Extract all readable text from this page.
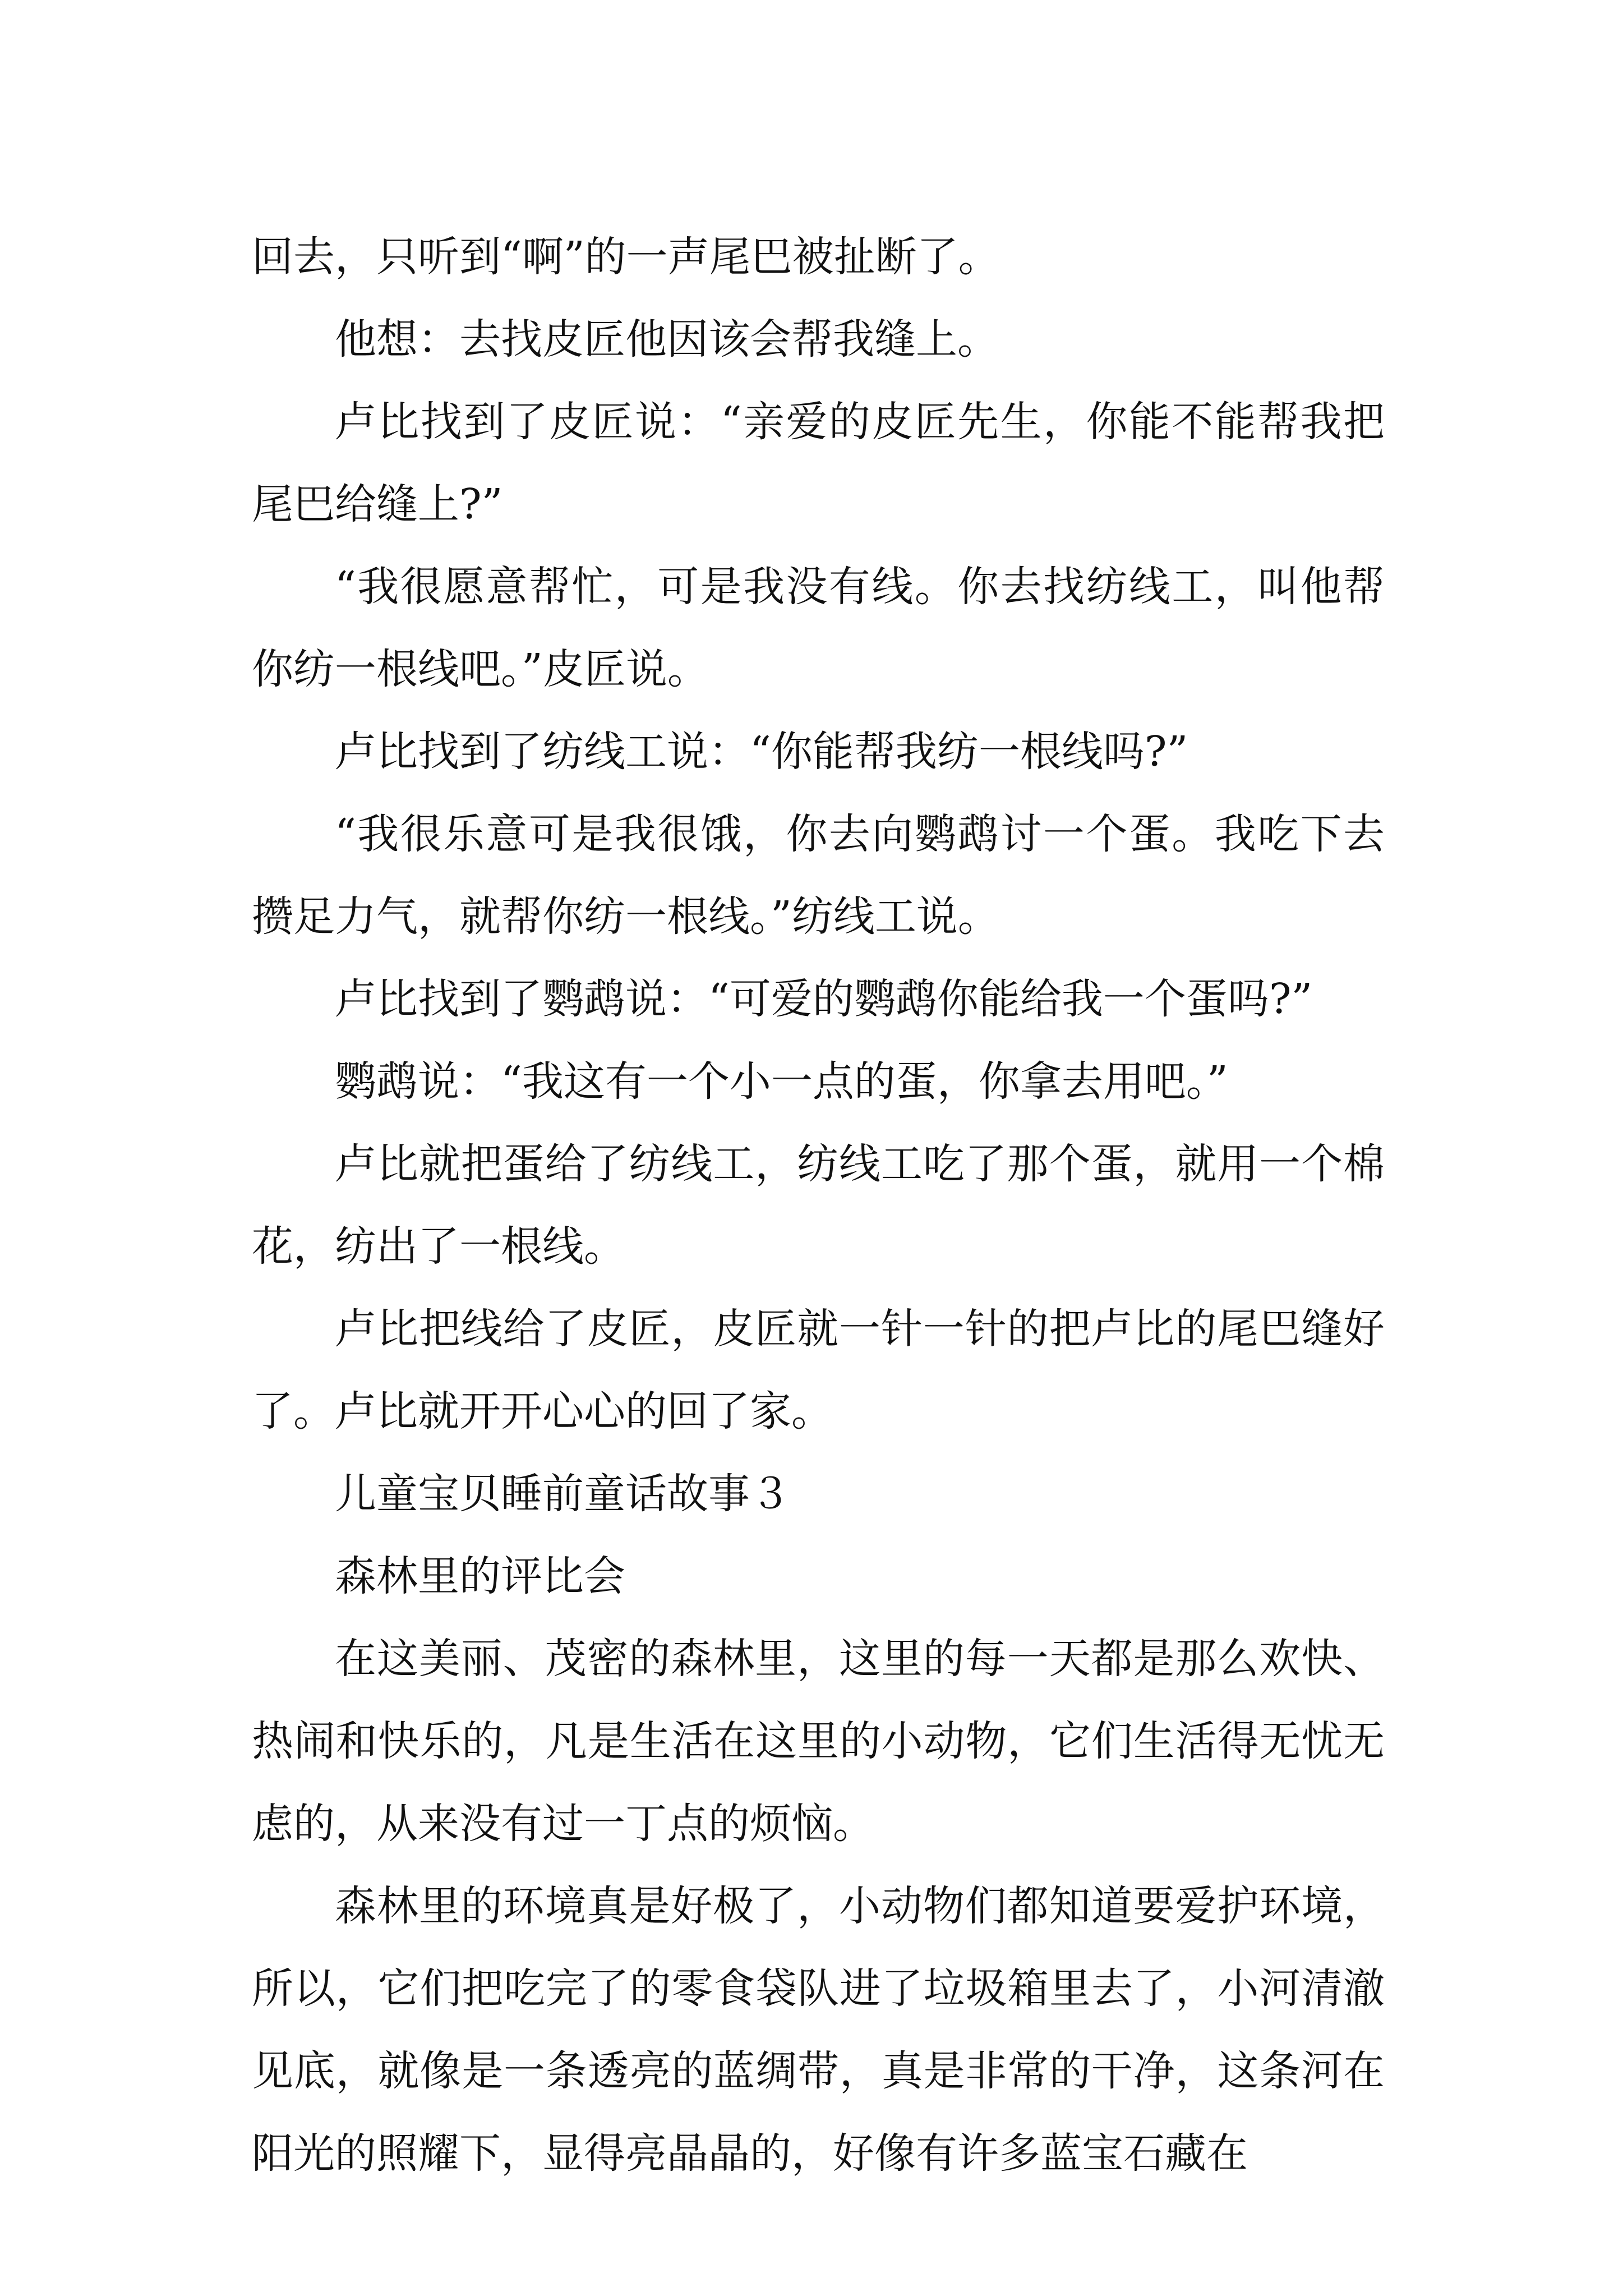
回去，只听到“啊”的一声尾巴被扯断了。

他想：去找皮匠他因该会帮我缝上。

卢比找到了皮匠说：“亲爱的皮匠先生，你能不能帮我把尾巴给缝上?”

“我很愿意帮忙，可是我没有线。你去找纺线工，叫他帮你纺一根线吧。”皮匠说。

卢比找到了纺线工说：“你能帮我纺一根线吗?”

“我很乐意可是我很饿，你去向鹦鹉讨一个蛋。我吃下去攒足力气，就帮你纺一根线。”纺线工说。

卢比找到了鹦鹉说：“可爱的鹦鹉你能给我一个蛋吗?”

鹦鹉说：“我这有一个小一点的蛋，你拿去用吧。”

卢比就把蛋给了纺线工，纺线工吃了那个蛋，就用一个棉花，纺出了一根线。

卢比把线给了皮匠，皮匠就一针一针的把卢比的尾巴缝好了。卢比就开开心心的回了家。

儿童宝贝睡前童话故事３

森林里的评比会

在这美丽、茂密的森林里，这里的每一天都是那么欢快、热闹和快乐的，凡是生活在这里的小动物，它们生活得无忧无虑的，从来没有过一丁点的烦恼。

森林里的环境真是好极了，小动物们都知道要爱护环境，所以，它们把吃完了的零食袋队进了垃圾箱里去了，小河清澈见底，就像是一条透亮的蓝绸带，真是非常的干净，这条河在阳光的照耀下，显得亮晶晶的，好像有许多蓝宝石藏在
